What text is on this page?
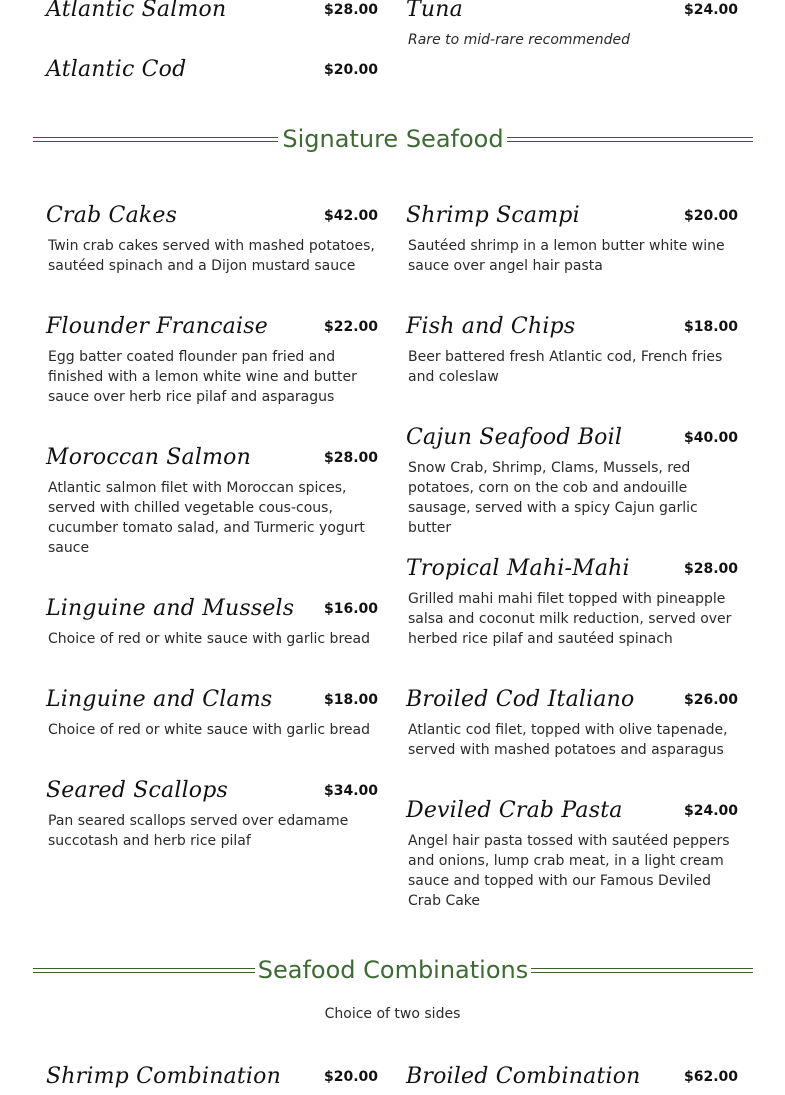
Atlantic Salmon	$28.00
Atlantic Cod	$20.00
Tuna	$24.00
Rare to mid-rare recommended
Signature Seafood
Crab Cakes	$42.00
Twin crab cakes served with mashed potatoes, sautéed spinach and a Dijon mustard sauce
Flounder Francaise	$22.00
Egg batter coated flounder pan fried and finished with a lemon white wine and butter sauce over herb rice pilaf and asparagus
Moroccan Salmon	$28.00
Atlantic salmon filet with Moroccan spices, served with chilled vegetable cous-cous, cucumber tomato salad, and Turmeric yogurt sauce
Linguine and Mussels $16.00
Choice of red or white sauce with garlic bread
Linguine and Clams	$18.00
Choice of red or white sauce with garlic bread
Seared Scallops	$34.00
Pan seared scallops served over edamame succotash and herb rice pilaf
Shrimp Scampi	$20.00
Sautéed shrimp in a lemon butter white wine sauce over angel hair pasta
Fish and Chips	$18.00
Beer battered fresh Atlantic cod, French fries and coleslaw
Cajun Seafood Boil	$40.00
Snow Crab, Shrimp, Clams, Mussels, red potatoes, corn on the cob and andouille sausage, served with a spicy Cajun garlic butter
Tropical Mahi-Mahi	$28.00
Grilled mahi mahi filet topped with pineapple salsa and coconut milk reduction, served over herbed rice pilaf and sautéed spinach
Broiled Cod Italiano	$26.00
Atlantic cod filet, topped with olive tapenade, served with mashed potatoes and asparagus
Deviled Crab Pasta	$24.00
Angel hair pasta tossed with sautéed peppers and onions, lump crab meat, in a light cream sauce and topped with our Famous Deviled Crab Cake
Seafood Combinations
Choice of two sides
Shrimp Combination	$20.00 Broiled Combination	$62.00
